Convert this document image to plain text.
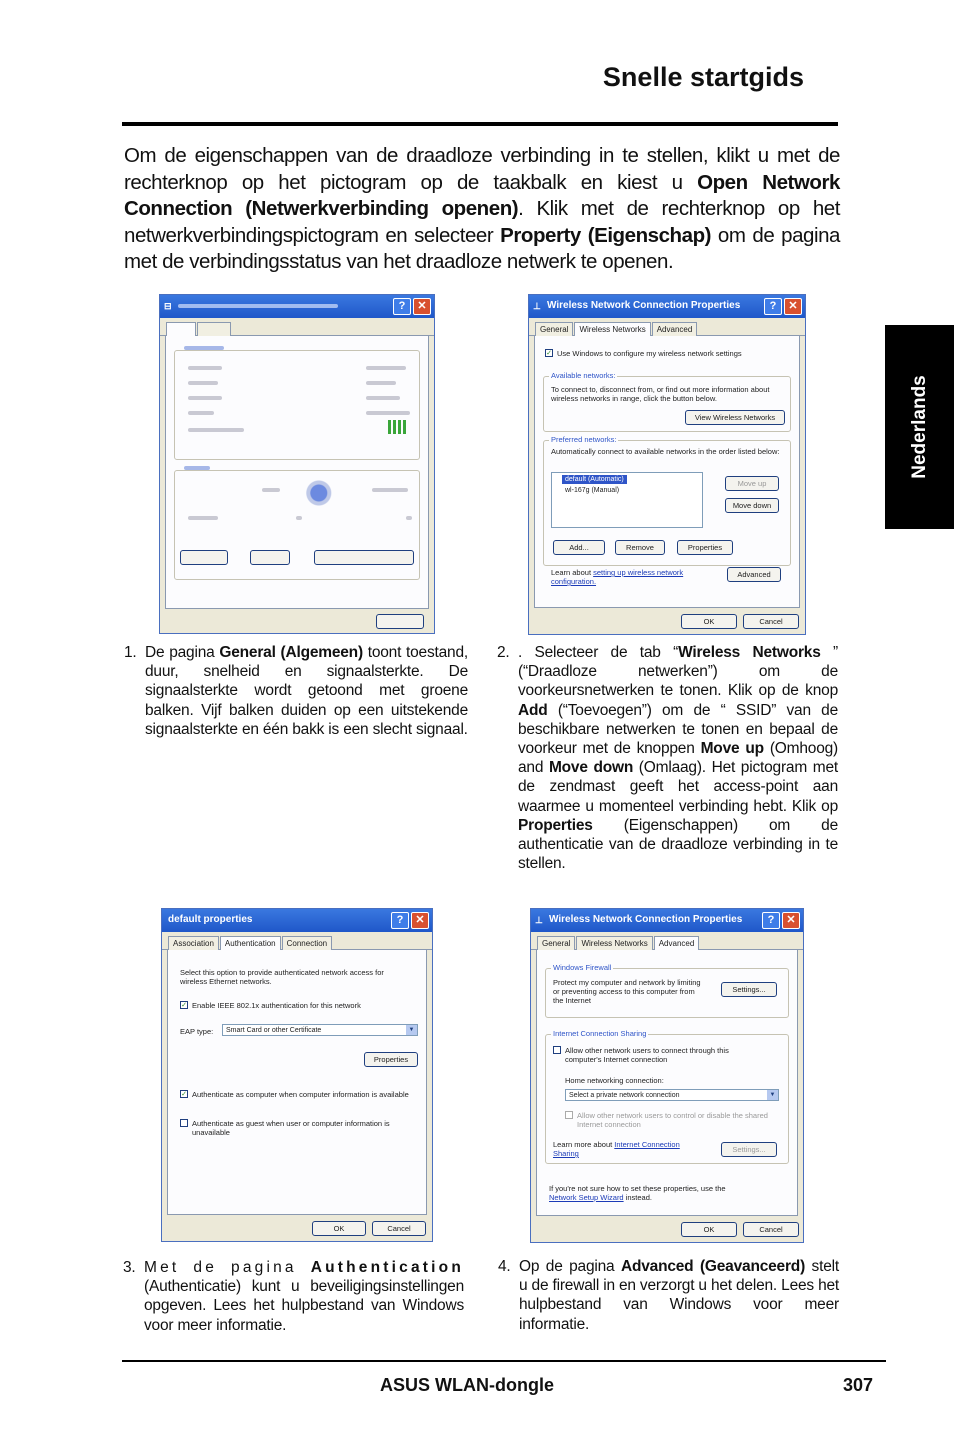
Snelle startgids

Om de eigenschappen van de draadloze verbinding in te stellen, klikt u met de rechterknop op het pictogram op de taakbalk en kiest u Open Network Connection (Netwerkverbinding openen). Klik met de rechterknop op het netwerkverbindingspictogram en selecteer Property (Eigenschap) om de pagina met de verbindingsstatus van het draadloze netwerk te openen.

Nederlands
⊟	?	✕	⊥ Wireless Network Connection Properties	?	✕
General	Wireless Networks	Advanced
✓ Use Windows to configure my wireless network settings
Available networks:
To connect to, disconnect from, or find out more information about wireless networks in range, click the button below.
View Wireless Networks
Preferred networks:
Automatically connect to available networks in the order listed below:
default (Automatic)
wl-167g (Manual)
Move up
Move down
Add...	Remove	Properties
Learn about setting up wireless network configuration.
Advanced
OK	Cancel
1. De pagina General (Algemeen) toont toestand, duur, snelheid en signaalsterkte. De signaalsterkte wordt getoond met groene balken. Vijf balken duiden op een uitstekende signaalsterkte en één bakk is een slecht signaal.
2. . Selecteer de tab “Wireless Networks ” (“Draadloze netwerken”) om de voorkeursnetwerken te tonen. Klik op de knop Add (“Toevoegen”) om de “ SSID” van de beschikbare netwerken te tonen en bepaal de voorkeur met de knoppen Move up (Omhoog) and Move down (Omlaag). Het pictogram met de zendmast geeft het access-point aan waarmee u momenteel verbinding hebt. Klik op Properties (Eigenschappen) om de authenticatie van de draadloze verbinding in te stellen.
default properties	?	✕
Association	Authentication	Connection
Select this option to provide authenticated network access for wireless Ethernet networks.
✓ Enable IEEE 802.1x authentication for this network
EAP type:	Smart Card or other Certificate	▼
Properties
✓ Authenticate as computer when computer information is available
Authenticate as guest when user or computer information is unavailable
OK	Cancel
⊥ Wireless Network Connection Properties	?	✕
General	Wireless Networks	Advanced
Windows Firewall
Protect my computer and network by limiting or preventing access to this computer from the Internet
Settings...
Internet Connection Sharing
Allow other network users to connect through this computer's Internet connection
Home networking connection:
Select a private network connection	▼
Allow other network users to control or disable the shared Internet connection
Learn more about Internet Connection Sharing	Settings...
If you're not sure how to set these properties, use the Network Setup Wizard instead.
OK	Cancel
3. Met de pagina Authentication (Authenticatie) kunt u beveiligingsinstellingen opgeven. Lees het hulpbestand van Windows voor meer informatie.
4. Op de pagina Advanced (Geavanceerd) stelt u de firewall in en verzorgt u het delen. Lees het hulpbestand van Windows voor meer informatie.
ASUS WLAN-dongle	307
